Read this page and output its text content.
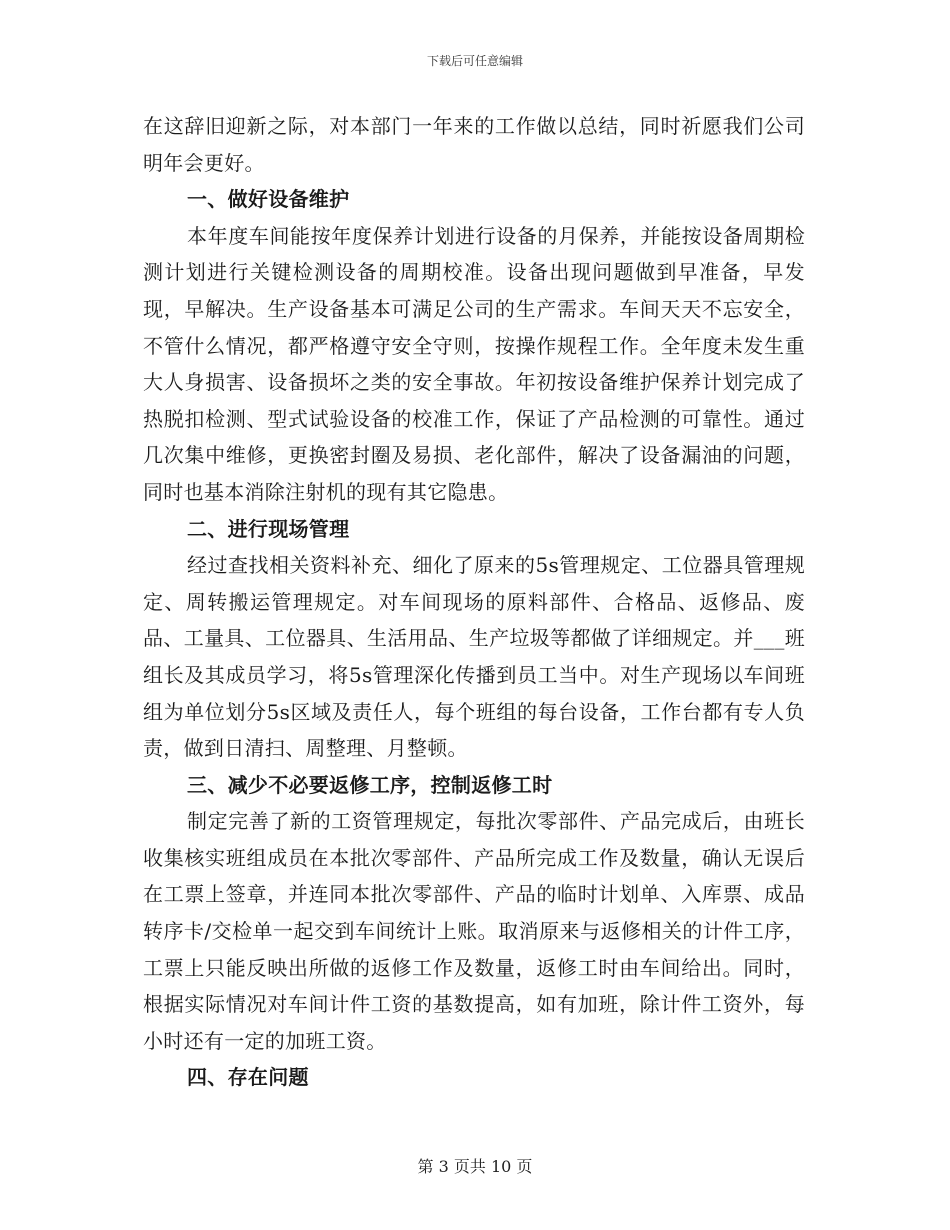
下载后可任意编辑

在这辞旧迎新之际，对本部门一年来的工作做以总结，同时祈愿我们公司明年会更好。

一、做好设备维护

本年度车间能按年度保养计划进行设备的月保养，并能按设备周期检测计划进行关键检测设备的周期校准。设备出现问题做到早准备，早发现，早解决。生产设备基本可满足公司的生产需求。车间天天不忘安全，不管什么情况，都严格遵守安全守则，按操作规程工作。全年度未发生重大人身损害、设备损坏之类的安全事故。年初按设备维护保养计划完成了热脱扣检测、型式试验设备的校准工作，保证了产品检测的可靠性。通过几次集中维修，更换密封圈及易损、老化部件，解决了设备漏油的问题，同时也基本消除注射机的现有其它隐患。

二、进行现场管理

经过查找相关资料补充、细化了原来的5s管理规定、工位器具管理规定、周转搬运管理规定。对车间现场的原料部件、合格品、返修品、废品、工量具、工位器具、生活用品、生产垃圾等都做了详细规定。并___班组长及其成员学习，将5s管理深化传播到员工当中。对生产现场以车间班组为单位划分5s区域及责任人，每个班组的每台设备，工作台都有专人负责，做到日清扫、周整理、月整顿。

三、减少不必要返修工序，控制返修工时

制定完善了新的工资管理规定，每批次零部件、产品完成后，由班长收集核实班组成员在本批次零部件、产品所完成工作及数量，确认无误后在工票上签章，并连同本批次零部件、产品的临时计划单、入库票、成品转序卡/交检单一起交到车间统计上账。取消原来与返修相关的计件工序，工票上只能反映出所做的返修工作及数量，返修工时由车间给出。同时，根据实际情况对车间计件工资的基数提高，如有加班，除计件工资外，每小时还有一定的加班工资。

四、存在问题

第 3 页共 10 页
